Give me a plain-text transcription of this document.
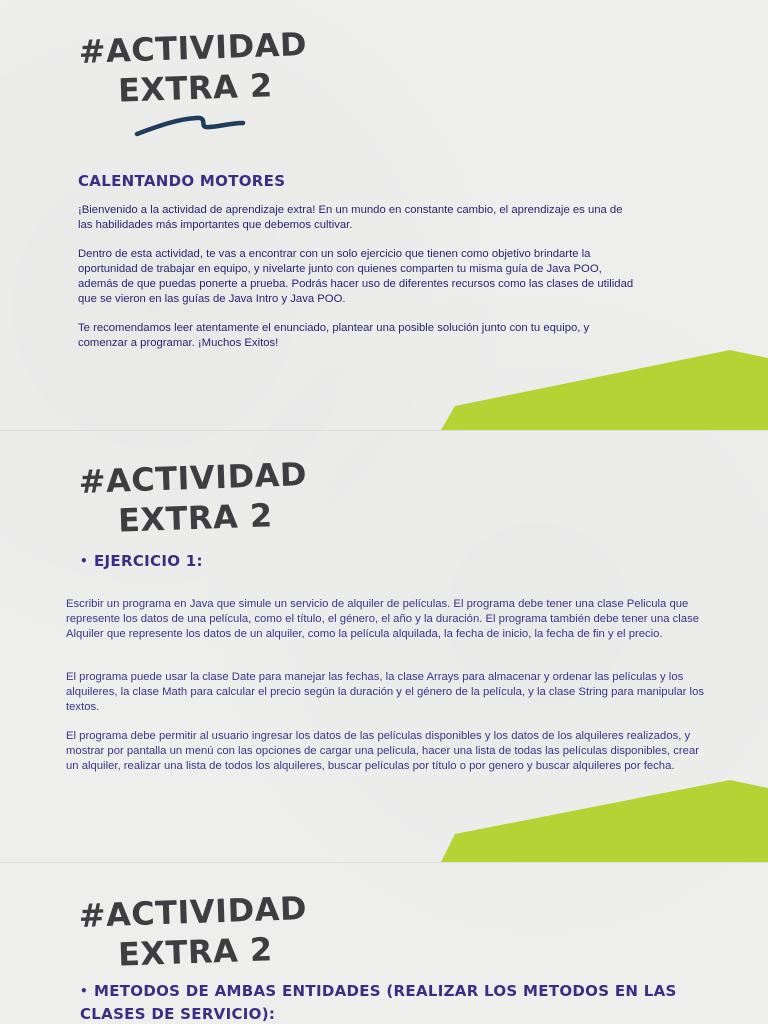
#ACTIVIDAD
EXTRA 2
CALENTANDO MOTORES

¡Bienvenido a la actividad de aprendizaje extra! En un mundo en constante cambio, el aprendizaje es una de las habilidades más importantes que debemos cultivar.

Dentro de esta actividad, te vas a encontrar con un solo ejercicio que tienen como objetivo brindarte la oportunidad de trabajar en equipo, y nivelarte junto con quienes comparten tu misma guía de Java POO, además de que puedas ponerte a prueba. Podrás hacer uso de diferentes recursos como las clases de utilidad que se vieron en las guías de Java Intro y Java POO.

Te recomendamos leer atentamente el enunciado, plantear una posible solución junto con tu equipo, y comenzar a programar. ¡Muchos Exitos!

#ACTIVIDAD
EXTRA 2
• EJERCICIO 1:

Escribir un programa en Java que simule un servicio de alquiler de películas. El programa debe tener una clase Pelicula que represente los datos de una película, como el título, el género, el año y la duración. El programa también debe tener una clase Alquiler que represente los datos de un alquiler, como la película alquilada, la fecha de inicio, la fecha de fin y el precio.

El programa puede usar la clase Date para manejar las fechas, la clase Arrays para almacenar y ordenar las películas y los alquileres, la clase Math para calcular el precio según la duración y el género de la película, y la clase String para manipular los textos.

El programa debe permitir al usuario ingresar los datos de las películas disponibles y los datos de los alquileres realizados, y mostrar por pantalla un menú con las opciones de cargar una película, hacer una lista de todas las películas disponibles, crear un alquiler, realizar una lista de todos los alquileres, buscar películas por título o por genero y buscar alquileres por fecha.

#ACTIVIDAD
EXTRA 2
• METODOS DE AMBAS ENTIDADES (REALIZAR LOS METODOS EN LAS CLASES DE SERVICIO):
